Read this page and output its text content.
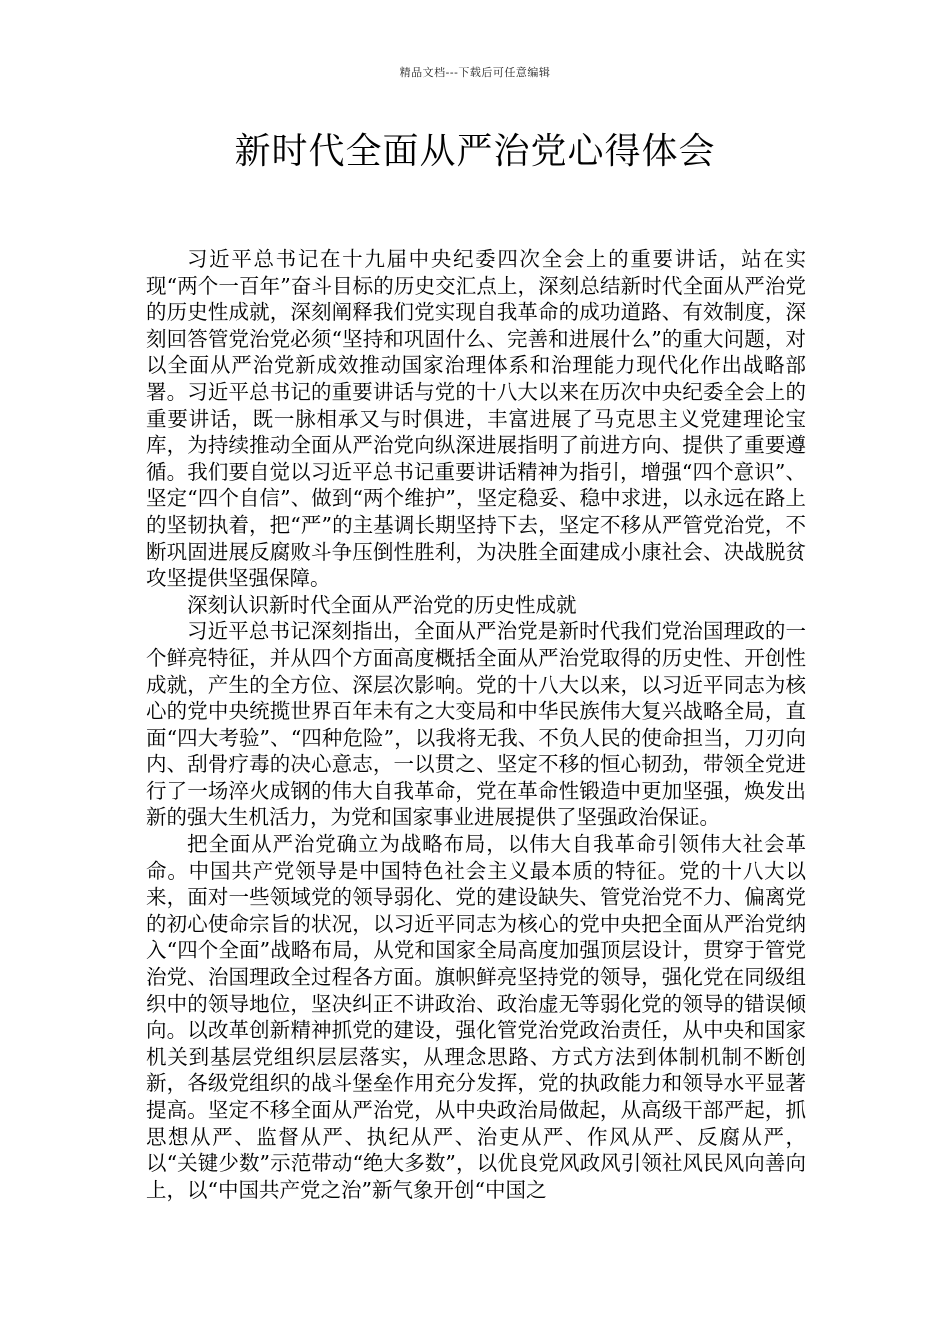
精品文档---下载后可任意编辑
新时代全面从严治党心得体会

习近平总书记在十九届中央纪委四次全会上的重要讲话，站在实现“两个一百年”奋斗目标的历史交汇点上，深刻总结新时代全面从严治党的历史性成就，深刻阐释我们党实现自我革命的成功道路、有效制度，深刻回答管党治党必须“坚持和巩固什么、完善和进展什么”的重大问题，对以全面从严治党新成效推动国家治理体系和治理能力现代化作出战略部署。习近平总书记的重要讲话与党的十八大以来在历次中央纪委全会上的重要讲话，既一脉相承又与时俱进，丰富进展了马克思主义党建理论宝库，为持续推动全面从严治党向纵深进展指明了前进方向、提供了重要遵循。我们要自觉以习近平总书记重要讲话精神为指引，增强“四个意识”、坚定“四个自信”、做到“两个维护”，坚定稳妥、稳中求进，以永远在路上的坚韧执着，把“严”的主基调长期坚持下去，坚定不移从严管党治党，不断巩固进展反腐败斗争压倒性胜利，为决胜全面建成小康社会、决战脱贫攻坚提供坚强保障。

深刻认识新时代全面从严治党的历史性成就

习近平总书记深刻指出，全面从严治党是新时代我们党治国理政的一个鲜亮特征，并从四个方面高度概括全面从严治党取得的历史性、开创性成就，产生的全方位、深层次影响。党的十八大以来，以习近平同志为核心的党中央统揽世界百年未有之大变局和中华民族伟大复兴战略全局，直面“四大考验”、“四种危险”，以我将无我、不负人民的使命担当，刀刃向内、刮骨疗毒的决心意志，一以贯之、坚定不移的恒心韧劲，带领全党进行了一场淬火成钢的伟大自我革命，党在革命性锻造中更加坚强，焕发出新的强大生机活力，为党和国家事业进展提供了坚强政治保证。

把全面从严治党确立为战略布局，以伟大自我革命引领伟大社会革命。中国共产党领导是中国特色社会主义最本质的特征。党的十八大以来，面对一些领域党的领导弱化、党的建设缺失、管党治党不力、偏离党的初心使命宗旨的状况，以习近平同志为核心的党中央把全面从严治党纳入“四个全面”战略布局，从党和国家全局高度加强顶层设计，贯穿于管党治党、治国理政全过程各方面。旗帜鲜亮坚持党的领导，强化党在同级组织中的领导地位，坚决纠正不讲政治、政治虚无等弱化党的领导的错误倾向。以改革创新精神抓党的建设，强化管党治党政治责任，从中央和国家机关到基层党组织层层落实，从理念思路、方式方法到体制机制不断创新，各级党组织的战斗堡垒作用充分发挥，党的执政能力和领导水平显著提高。坚定不移全面从严治党，从中央政治局做起，从高级干部严起，抓思想从严、监督从严、执纪从严、治吏从严、作风从严、反腐从严，以“关键少数”示范带动“绝大多数”，以优良党风政风引领社风民风向善向上，以“中国共产党之治”新气象开创“中国之
